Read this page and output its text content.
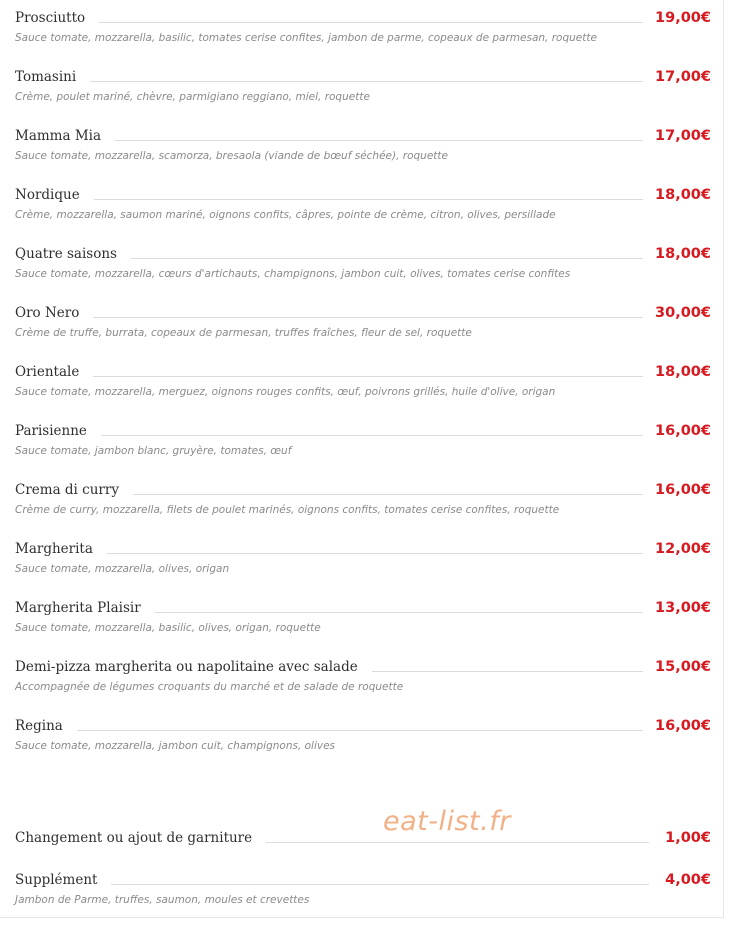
Prosciutto	19,00€
Sauce tomate, mozzarella, basilic, tomates cerise confites, jambon de parme, copeaux de parmesan, roquette
Tomasini	17,00€
Crème, poulet mariné, chèvre, parmigiano reggiano, miel, roquette
Mamma Mia	17,00€
Sauce tomate, mozzarella, scamorza, bresaola (viande de bœuf séchée), roquette
Nordique	18,00€
Crème, mozzarella, saumon mariné, oignons confits, câpres, pointe de crème, citron, olives, persillade
Quatre saisons	18,00€
Sauce tomate, mozzarella, cœurs d'artichauts, champignons, jambon cuit, olives, tomates cerise confites
Oro Nero	30,00€
Crème de truffe, burrata, copeaux de parmesan, truffes fraîches, fleur de sel, roquette
Orientale	18,00€
Sauce tomate, mozzarella, merguez, oignons rouges confits, œuf, poivrons grillés, huile d'olive, origan
Parisienne	16,00€
Sauce tomate, jambon blanc, gruyère, tomates, œuf
Crema di curry	16,00€
Crème de curry, mozzarella, filets de poulet marinés, oignons confits, tomates cerise confites, roquette
Margherita	12,00€
Sauce tomate, mozzarella, olives, origan
Margherita Plaisir	13,00€
Sauce tomate, mozzarella, basilic, olives, origan, roquette
Demi-pizza margherita ou napolitaine avec salade	15,00€
Accompagnée de légumes croquants du marché et de salade de roquette
Regina	16,00€
Sauce tomate, mozzarella, jambon cuit, champignons, olives
Changement ou ajout de garniture	1,00€
Supplément	4,00€
Jambon de Parme, truffes, saumon, moules et crevettes
eat-list.fr
